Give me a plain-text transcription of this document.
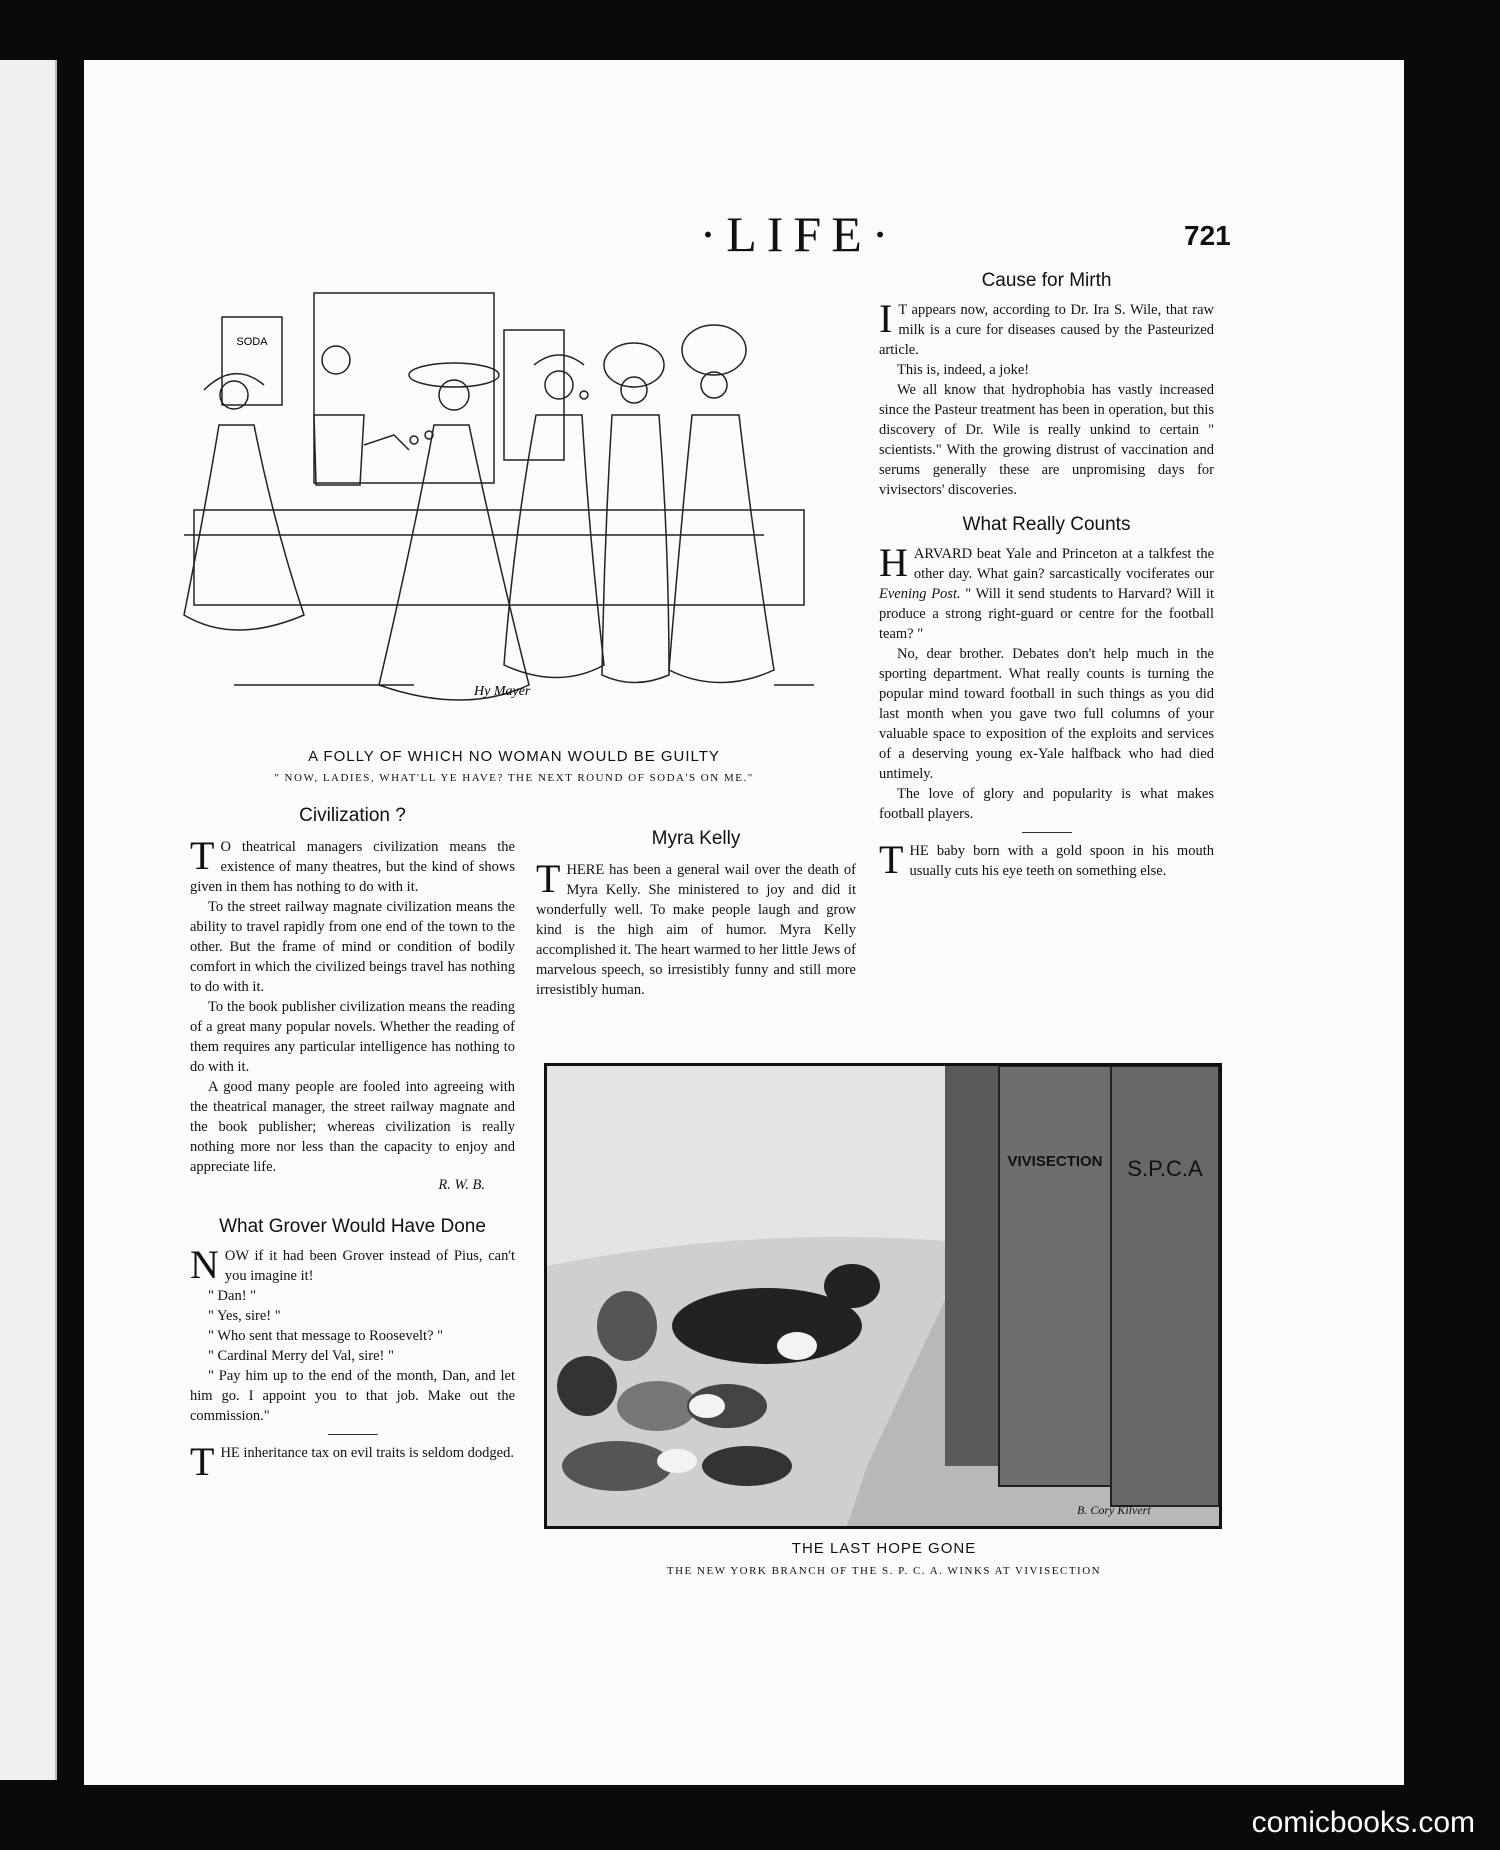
·LIFE·	721
SODA
Hy Mayer
A FOLLY OF WHICH NO WOMAN WOULD BE GUILTY
" NOW, LADIES, WHAT'LL YE HAVE? THE NEXT ROUND OF SODA'S ON ME."
Civilization ?

T O theatrical managers civilization means the existence of many theatres, but the kind of shows given in them has nothing to do with it.

To the street railway magnate civilization means the ability to travel rapidly from one end of the town to the other. But the frame of mind or condition of bodily comfort in which the civilized beings travel has nothing to do with it.

To the book publisher civilization means the reading of a great many popular novels. Whether the reading of them requires any particular intelligence has nothing to do with it.

A good many people are fooled into agreeing with the theatrical manager, the street railway magnate and the book publisher; whereas civilization is really nothing more nor less than the capacity to enjoy and appreciate life.

R. W. B.
What Grover Would Have Done

NOW if it had been Grover instead of Pius, can't you imagine it!

" Dan! "

" Yes, sire! "

" Who sent that message to Roosevelt? "

" Cardinal Merry del Val, sire! "

" Pay him up to the end of the month, Dan, and let him go. I appoint you to that job. Make out the commission."

THE inheritance tax on evil traits is seldom dodged.

Myra Kelly

THERE has been a general wail over the death of Myra Kelly. She ministered to joy and did it wonderfully well. To make people laugh and grow kind is the high aim of humor. Myra Kelly accomplished it. The heart warmed to her little Jews of marvelous speech, so irresistibly funny and still more irresistibly human.

Cause for Mirth

I T appears now, according to Dr. Ira S. Wile, that raw milk is a cure for diseases caused by the Pasteurized article.

This is, indeed, a joke!

We all know that hydrophobia has vastly increased since the Pasteur treatment has been in operation, but this discovery of Dr. Wile is really unkind to certain " scientists." With the growing distrust of vaccination and serums generally these are unpromising days for vivisectors' discoveries.

What Really Counts

HARVARD beat Yale and Princeton at a talkfest the other day. What gain? sarcastically vociferates our Evening Post. " Will it send students to Harvard? Will it produce a strong right-guard or centre for the football team? "

No, dear brother. Debates don't help much in the sporting department. What really counts is turning the popular mind toward football in such things as you did last month when you gave two full columns of your valuable space to exposition of the exploits and services of a deserving young ex-Yale halfback who had died untimely.

The love of glory and popularity is what makes football players.

THE baby born with a gold spoon in his mouth usually cuts his eye teeth on something else.

VIVISECTION S.P.C.A
B. Cory Kilvert
THE LAST HOPE GONE
THE NEW YORK BRANCH OF THE S. P. C. A. WINKS AT VIVISECTION
comicbooks.com
